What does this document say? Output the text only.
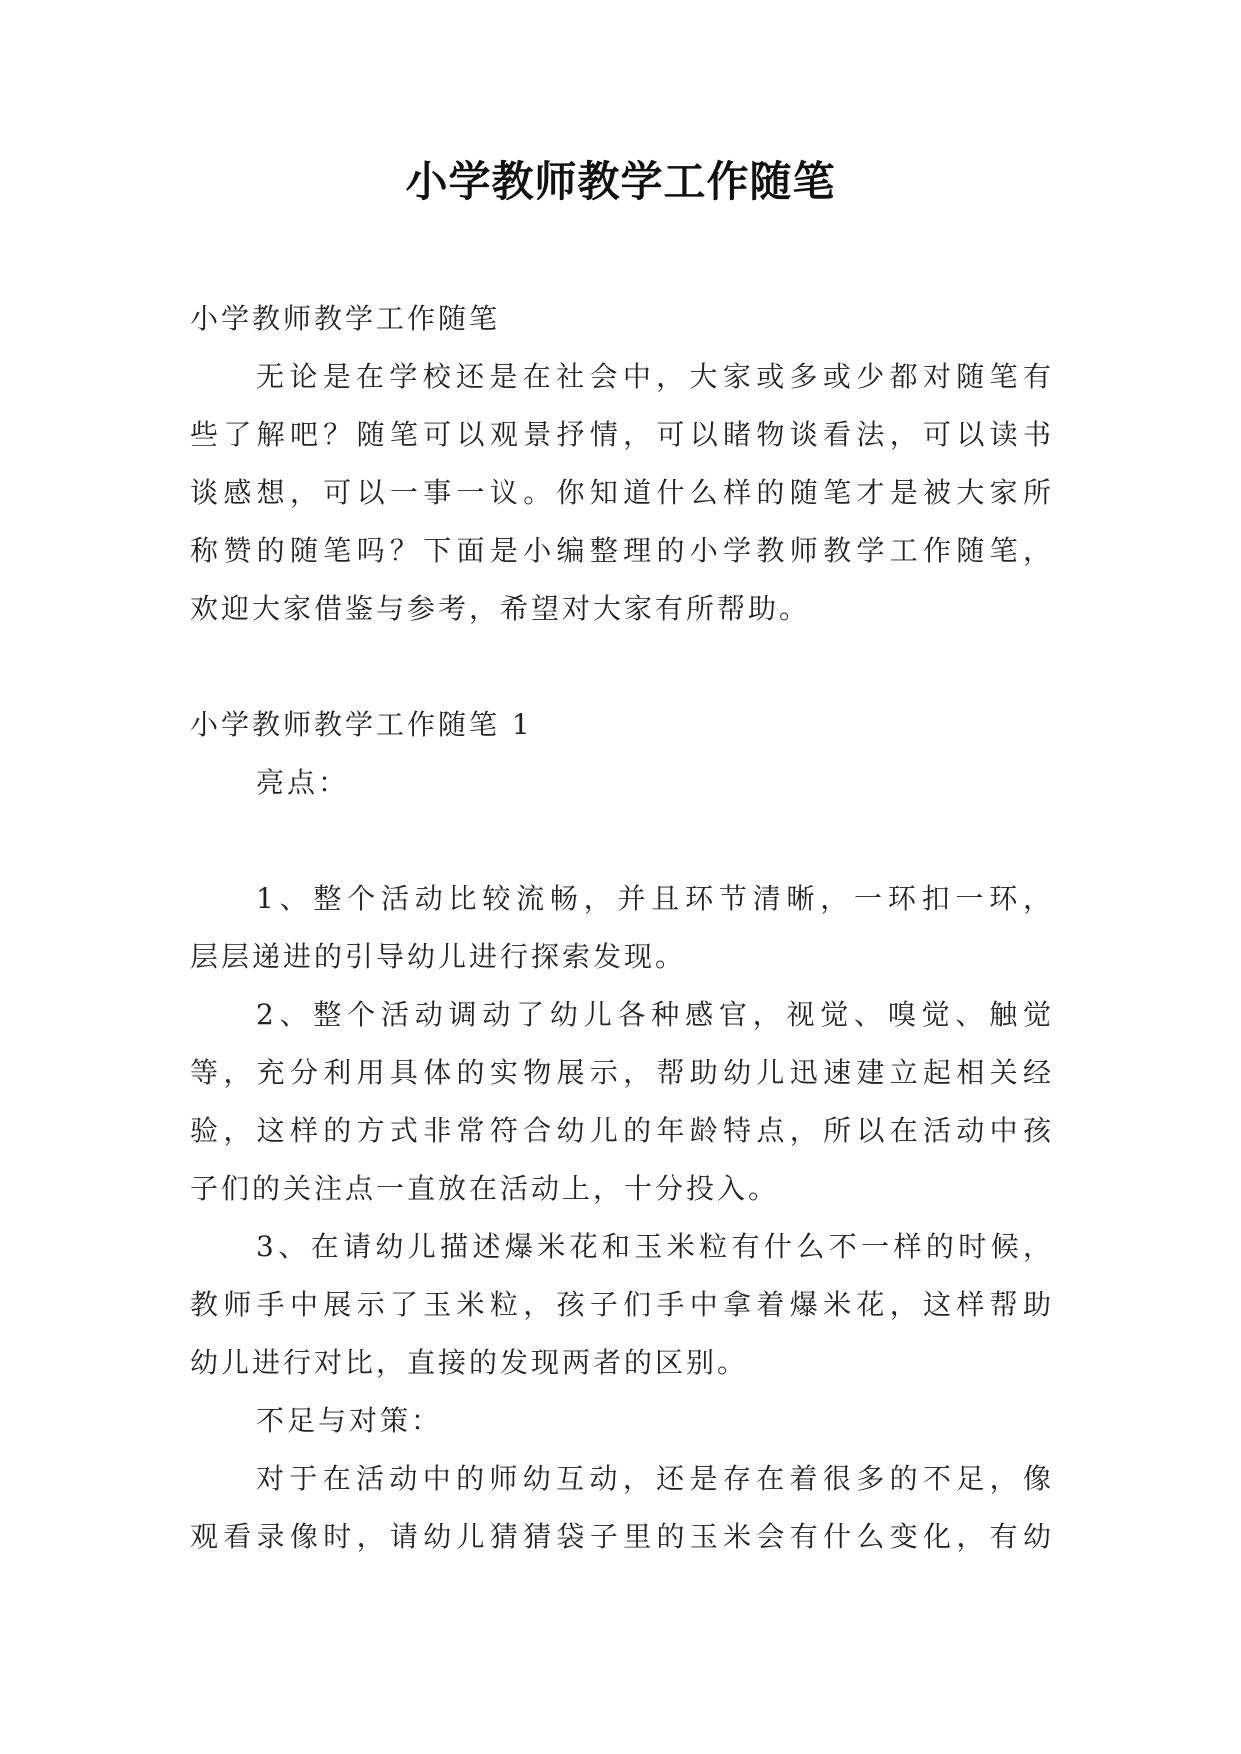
小学教师教学工作随笔

小学教师教学工作随笔

无论是在学校还是在社会中，大家或多或少都对随笔有

些了解吧？随笔可以观景抒情，可以睹物谈看法，可以读书

谈感想，可以一事一议。你知道什么样的随笔才是被大家所

称赞的随笔吗？下面是小编整理的小学教师教学工作随笔，

欢迎大家借鉴与参考，希望对大家有所帮助。

小学教师教学工作随笔 1

亮点：

1、整个活动比较流畅，并且环节清晰，一环扣一环，

层层递进的引导幼儿进行探索发现。

2、整个活动调动了幼儿各种感官，视觉、嗅觉、触觉

等，充分利用具体的实物展示，帮助幼儿迅速建立起相关经

验，这样的方式非常符合幼儿的年龄特点，所以在活动中孩

子们的关注点一直放在活动上，十分投入。

3、在请幼儿描述爆米花和玉米粒有什么不一样的时候，

教师手中展示了玉米粒，孩子们手中拿着爆米花，这样帮助

幼儿进行对比，直接的发现两者的区别。

不足与对策：

对于在活动中的师幼互动，还是存在着很多的不足，像

观看录像时，请幼儿猜猜袋子里的玉米会有什么变化，有幼
